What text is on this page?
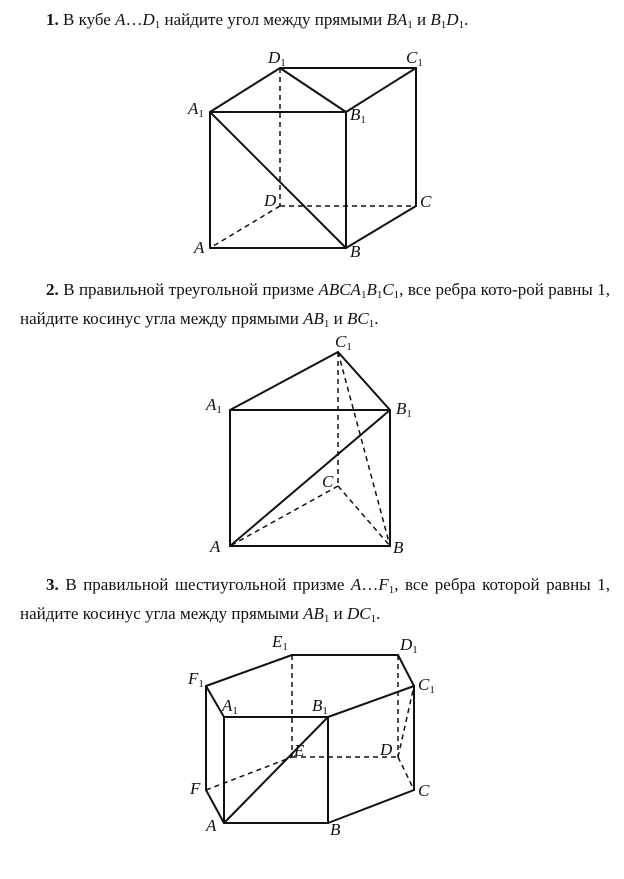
1. В кубе $A\dots D_1$ найдите угол между прямыми $BA_1$ и $B_1D_1$.
2. В правильной треугольной призме $ABCA_1B_1C_1$, все ребра кото-рой равны 1, найдите косинус угла между прямыми $AB_1$ и $BC_1$.
3. В правильной шестиугольной призме $A\dots F_1$, все ребра которой равны 1, найдите косинус угла между прямыми $AB_1$ и $DC_1$.
D1	C1
A1	B1
D	C
A	B
C1
A1	B1
C
A	B
E1	D1
F1	C1
A1	B1
E	D
F	C
A	B
